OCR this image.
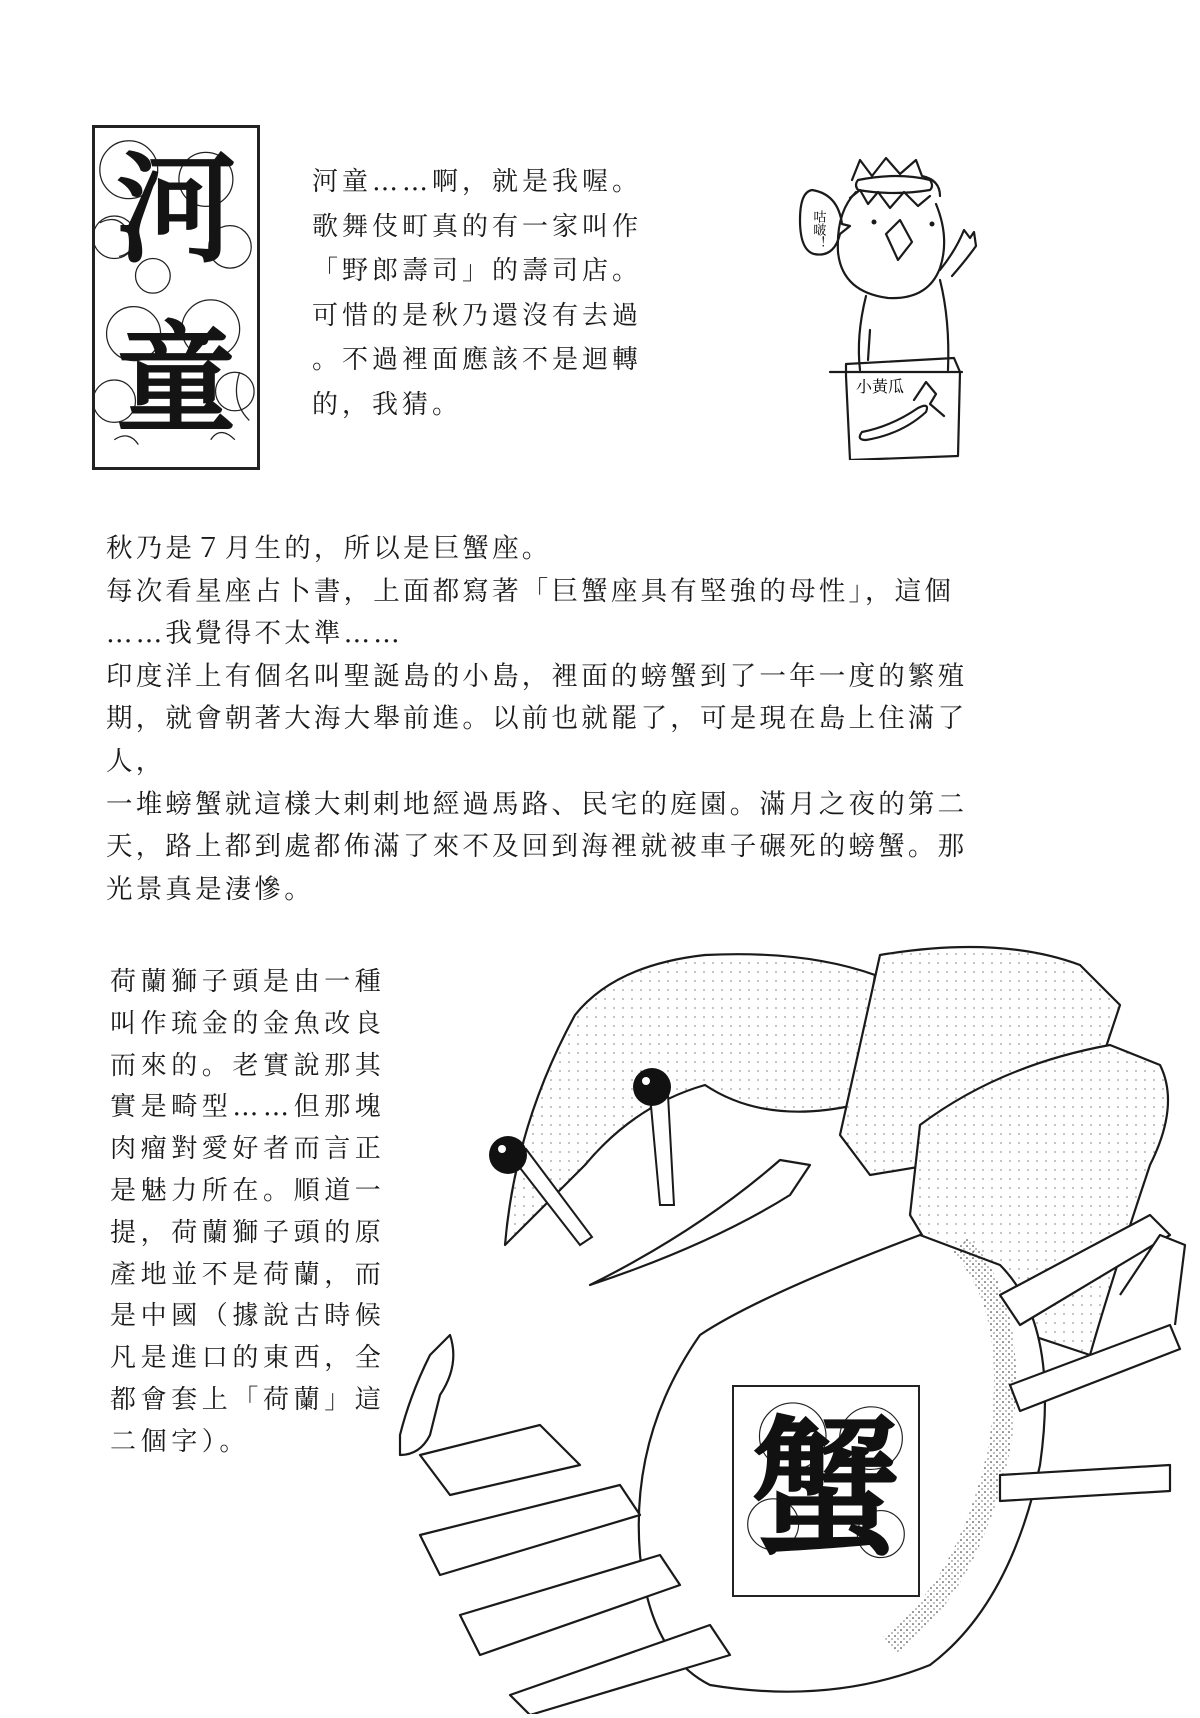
河
童
河童……啊，就是我喔。
歌舞伎町真的有一家叫作
「野郎壽司」的壽司店。
可惜的是秋乃還沒有去過
。不過裡面應該不是迴轉
的，我猜。
咕啵！
小黃瓜
秋乃是７月生的，所以是巨蟹座。
每次看星座占卜書，上面都寫著「巨蟹座具有堅強的母性」，這個
……我覺得不太準……
印度洋上有個名叫聖誕島的小島，裡面的螃蟹到了一年一度的繁殖
期，就會朝著大海大舉前進。以前也就罷了，可是現在島上住滿了
人，
一堆螃蟹就這樣大剌剌地經過馬路、民宅的庭園。滿月之夜的第二
天，路上都到處都佈滿了來不及回到海裡就被車子碾死的螃蟹。那
光景真是淒慘。
蟹
荷蘭獅子頭是由一種
叫作琉金的金魚改良
而來的。老實說那其
實是畸型……但那塊
肉瘤對愛好者而言正
是魅力所在。順道一
提，荷蘭獅子頭的原
產地並不是荷蘭，而
是中國（據說古時候
凡是進口的東西，全
都會套上「荷蘭」這
二個字）。
